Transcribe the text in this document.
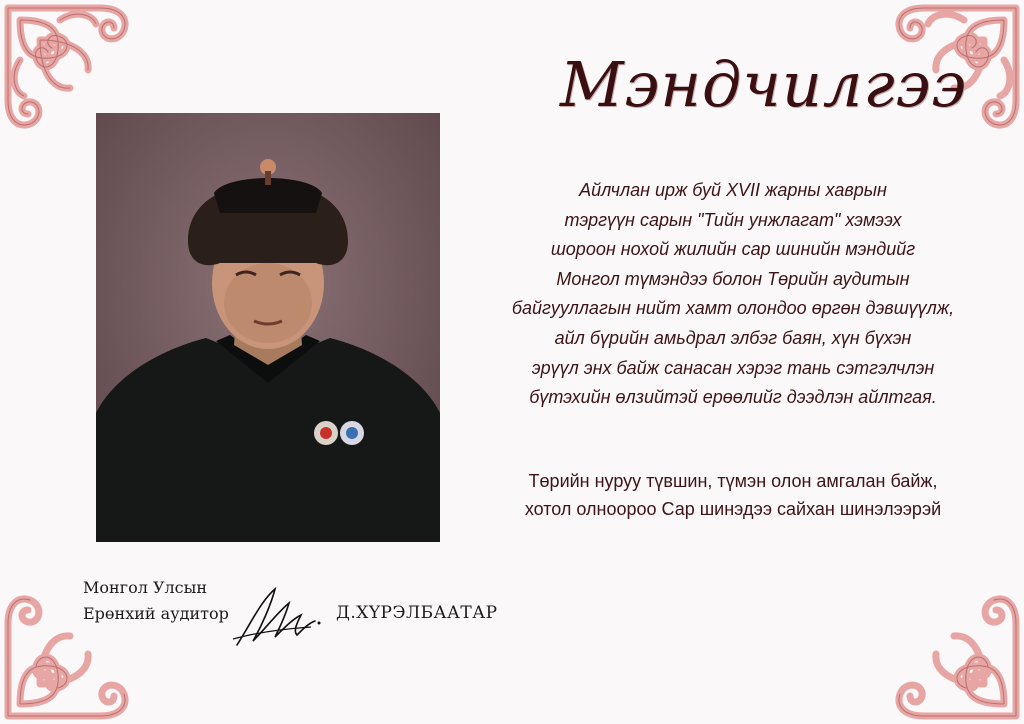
Мэндчилгээ
Айлчлан ирж буй XVII жарны хаврын
тэргүүн сарын "Тийн унжлагат" хэмээх
шороон нохой жилийн сар шинийн мэндийг
Монгол түмэндээ болон Төрийн аудитын
байгууллагын нийт хамт олондоо өргөн дэвшүүлж,
айл бүрийн амьдрал элбэг баян, хүн бүхэн
эрүүл энх байж санасан хэрэг тань сэтгэлчлэн
бүтэхийн өлзийтэй ерөөлийг дээдлэн айлтгая.
Төрийн нуруу түвшин, түмэн олон амгалан байж,
хотол олноороо Сар шинэдээ сайхан шинэлээрэй
Монгол Улсын
Ерөнхий аудитор	Д.ХҮРЭЛБААТАР
